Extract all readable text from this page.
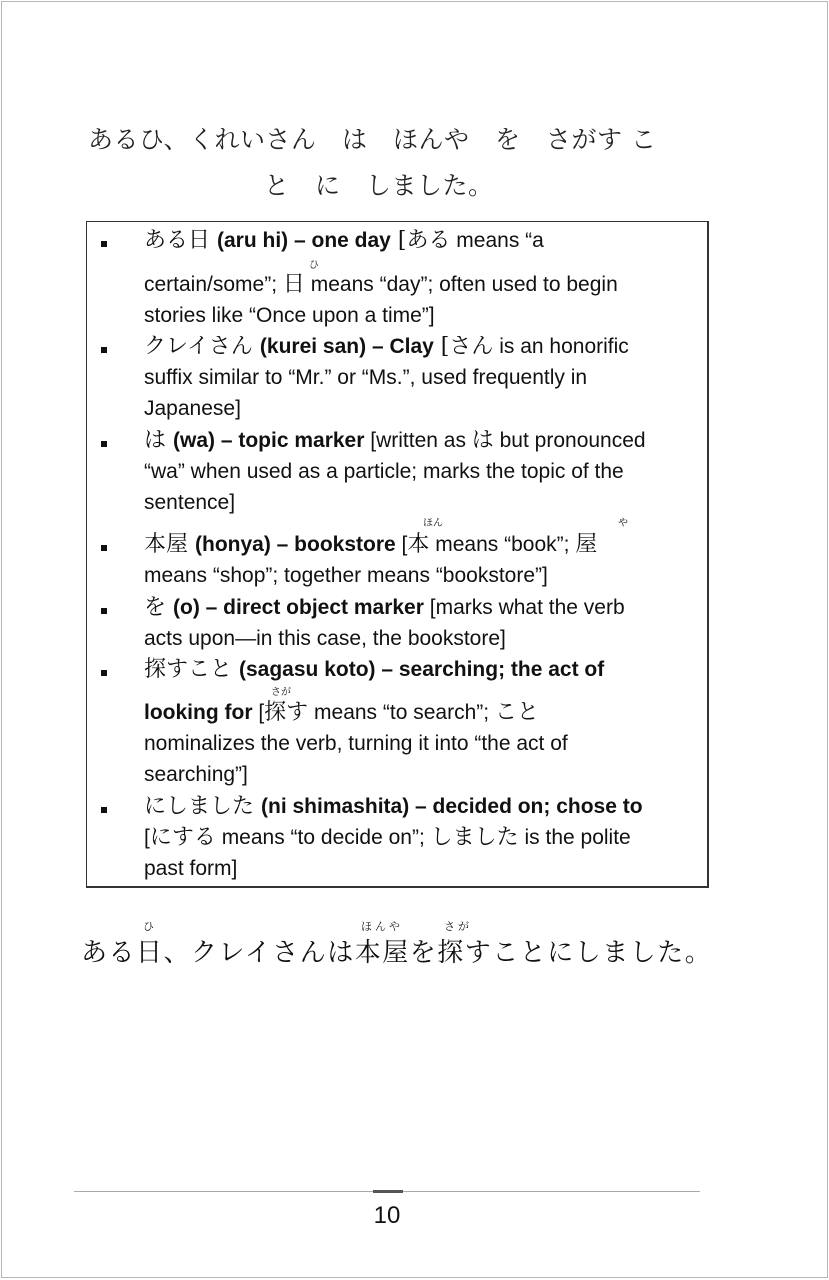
あるひ、くれいさん　は　ほんや　を　さがす こ
と　に　しました。
ある日 (aru hi) – one day [ある means “a
ひ
certain/some”; 日 means “day”; often used to begin
stories like “Once upon a time”]
クレイさん (kurei san) – Clay [さん is an honorific
suffix similar to “Mr.” or “Ms.”, used frequently in
Japanese]
は (wa) – topic marker [written as は but pronounced
“wa” when used as a particle; marks the topic of the
sentence]
ほん	や
本屋 (honya) – bookstore [本 means “book”; 屋
means “shop”; together means “bookstore”]
を (o) – direct object marker [marks what the verb
acts upon—in this case, the bookstore]
探すこと (sagasu koto) – searching; the act of
さが
looking for [探す means “to search”; こと
nominalizes the verb, turning it into “the act of
searching”]
にしました (ni shimashita) – decided on; chose to
[にする means “to decide on”; しました is the polite
past form]
ひ	ほんや	さが
ある日、クレイさんは本屋を探すことにしました。
10
